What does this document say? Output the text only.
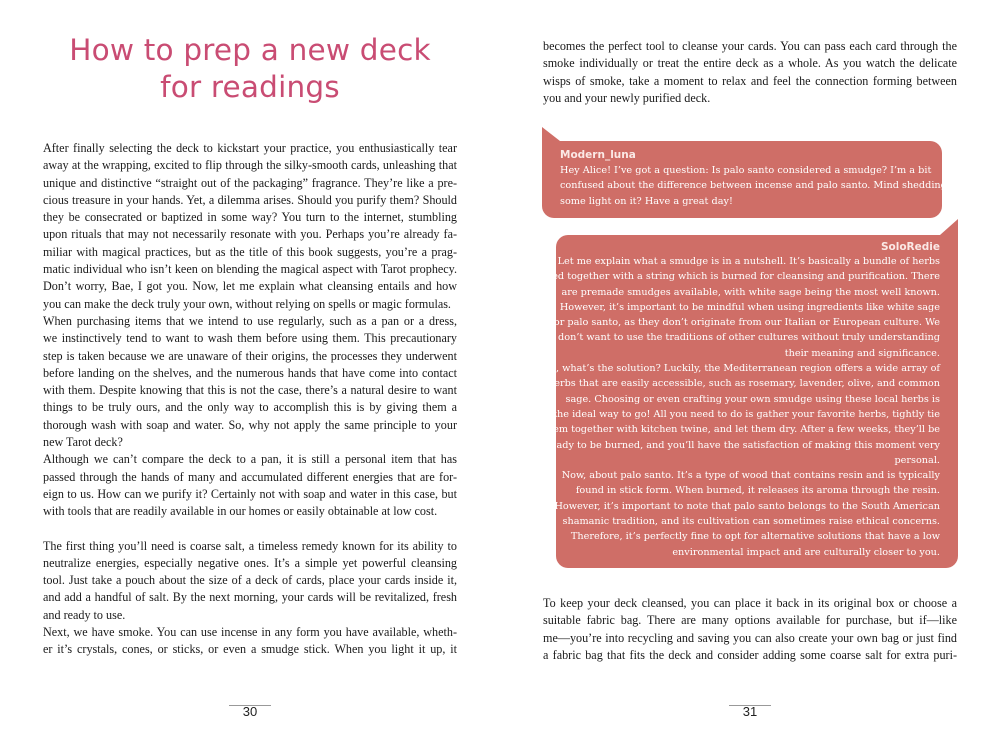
How to prep a new deck
for readings
After finally selecting the deck to kickstart your practice, you enthusiastically tear
away at the wrapping, excited to flip through the silky-smooth cards, unleashing that
unique and distinctive “straight out of the packaging” fragrance. They’re like a pre-
cious treasure in your hands. Yet, a dilemma arises. Should you purify them? Should
they be consecrated or baptized in some way? You turn to the internet, stumbling
upon rituals that may not necessarily resonate with you. Perhaps you’re already fa-
miliar with magical practices, but as the title of this book suggests, you’re a prag-
matic individual who isn’t keen on blending the magical aspect with Tarot prophecy.
Don’t worry, Bae, I got you. Now, let me explain what cleansing entails and how
you can make the deck truly your own, without relying on spells or magic formulas.
When purchasing items that we intend to use regularly, such as a pan or a dress,
we instinctively tend to want to wash them before using them. This precautionary
step is taken because we are unaware of their origins, the processes they underwent
before landing on the shelves, and the numerous hands that have come into contact
with them. Despite knowing that this is not the case, there’s a natural desire to want
things to be truly ours, and the only way to accomplish this is by giving them a
thorough wash with soap and water. So, why not apply the same principle to your
new Tarot deck?
Although we can’t compare the deck to a pan, it is still a personal item that has
passed through the hands of many and accumulated different energies that are for-
eign to us. How can we purify it? Certainly not with soap and water in this case, but
with tools that are readily available in our homes or easily obtainable at low cost.
The first thing you’ll need is coarse salt, a timeless remedy known for its ability to
neutralize energies, especially negative ones. It’s a simple yet powerful cleansing
tool. Just take a pouch about the size of a deck of cards, place your cards inside it,
and add a handful of salt. By the next morning, your cards will be revitalized, fresh
and ready to use.
Next, we have smoke. You can use incense in any form you have available, wheth-
er it’s crystals, cones, or sticks, or even a smudge stick. When you light it up, it
30
becomes the perfect tool to cleanse your cards. You can pass each card through the
smoke individually or treat the entire deck as a whole. As you watch the delicate
wisps of smoke, take a moment to relax and feel the connection forming between
you and your newly purified deck.
To keep your deck cleansed, you can place it back in its original box or choose a
suitable fabric bag. There are many options available for purchase, but if—like
me—you’re into recycling and saving you can also create your own bag or just find
a fabric bag that fits the deck and consider adding some coarse salt for extra puri-
31
Modern_luna
Hey Alice! I’ve got a question: Is palo santo considered a smudge? I’m a bit
confused about the difference between incense and palo santo. Mind shedding
some light on it? Have a great day!
SoloRedie
Let me explain what a smudge is in a nutshell. It’s basically a bundle of herbs
tied together with a string which is burned for cleansing and purification. There
are premade smudges available, with white sage being the most well known.
However, it’s important to be mindful when using ingredients like white sage
or palo santo, as they don’t originate from our Italian or European culture. We
don’t want to use the traditions of other cultures without truly understanding
their meaning and significance.
So, what’s the solution? Luckily, the Mediterranean region offers a wide array of
herbs that are easily accessible, such as rosemary, lavender, olive, and common
sage. Choosing or even crafting your own smudge using these local herbs is
the ideal way to go! All you need to do is gather your favorite herbs, tightly tie
them together with kitchen twine, and let them dry. After a few weeks, they’ll be
ready to be burned, and you’ll have the satisfaction of making this moment very
personal.
Now, about palo santo. It’s a type of wood that contains resin and is typically
found in stick form. When burned, it releases its aroma through the resin.
However, it’s important to note that palo santo belongs to the South American
shamanic tradition, and its cultivation can sometimes raise ethical concerns.
Therefore, it’s perfectly fine to opt for alternative solutions that have a low
environmental impact and are culturally closer to you.
